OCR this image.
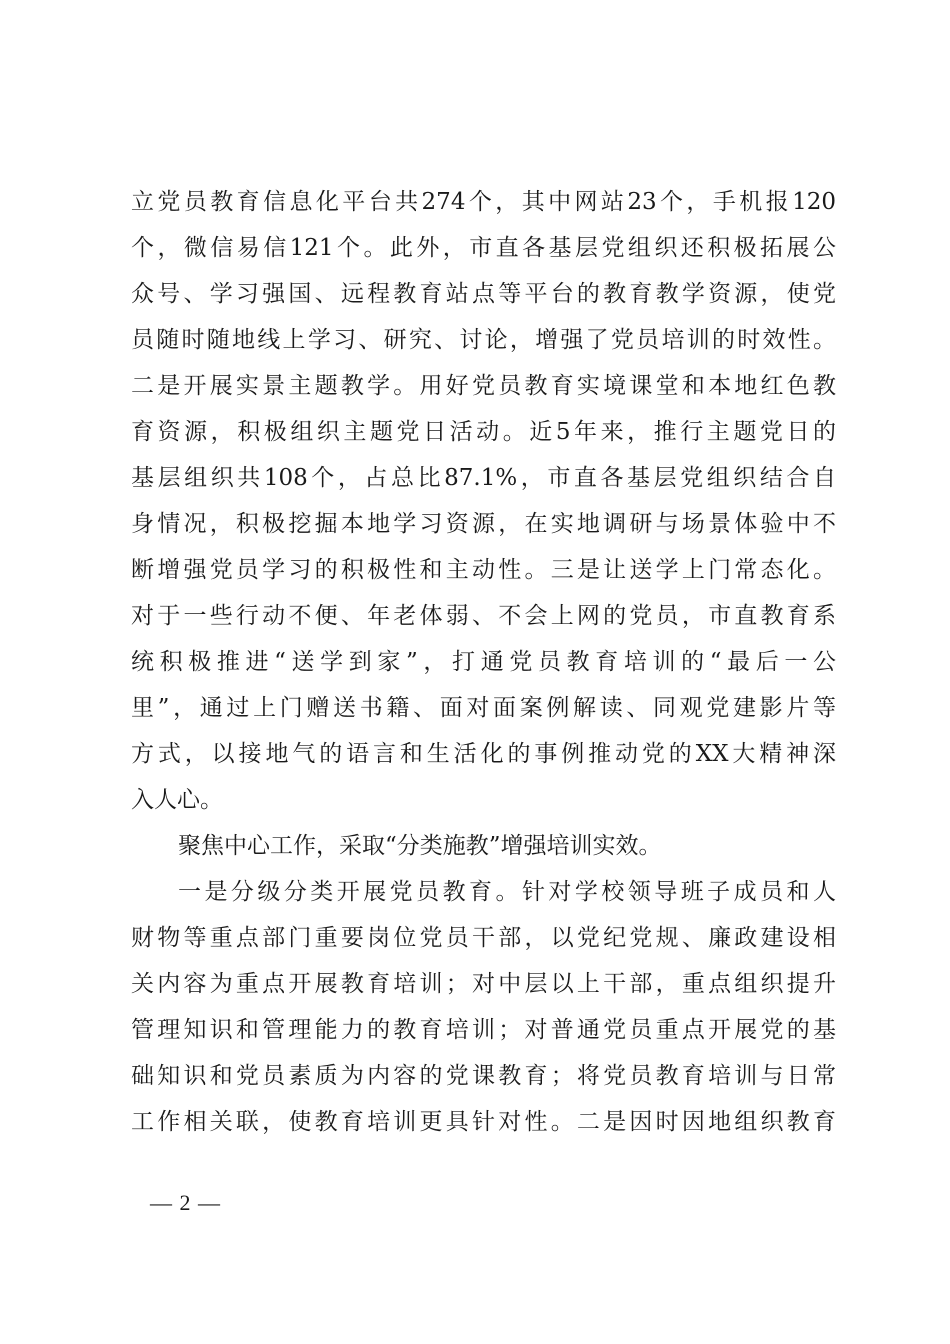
立党员教育信息化平台共274个，其中网站23个，手机报120
个，微信易信121个。此外，市直各基层党组织还积极拓展公
众号、学习强国、远程教育站点等平台的教育教学资源，使党
员随时随地线上学习、研究、讨论，增强了党员培训的时效性。
二是开展实景主题教学。用好党员教育实境课堂和本地红色教
育资源，积极组织主题党日活动。近5年来，推行主题党日的
基层组织共108个，占总比87.1%，市直各基层党组织结合自
身情况，积极挖掘本地学习资源，在实地调研与场景体验中不
断增强党员学习的积极性和主动性。三是让送学上门常态化。
对于一些行动不便、年老体弱、不会上网的党员，市直教育系
统积极推进“送学到家”，打通党员教育培训的“最后一公
里”，通过上门赠送书籍、面对面案例解读、同观党建影片等
方式，以接地气的语言和生活化的事例推动党的XX大精神深
入人心。
聚焦中心工作，采取“分类施教”增强培训实效。
一是分级分类开展党员教育。针对学校领导班子成员和人
财物等重点部门重要岗位党员干部，以党纪党规、廉政建设相
关内容为重点开展教育培训；对中层以上干部，重点组织提升
管理知识和管理能力的教育培训；对普通党员重点开展党的基
础知识和党员素质为内容的党课教育；将党员教育培训与日常
工作相关联，使教育培训更具针对性。二是因时因地组织教育
— 2 —
